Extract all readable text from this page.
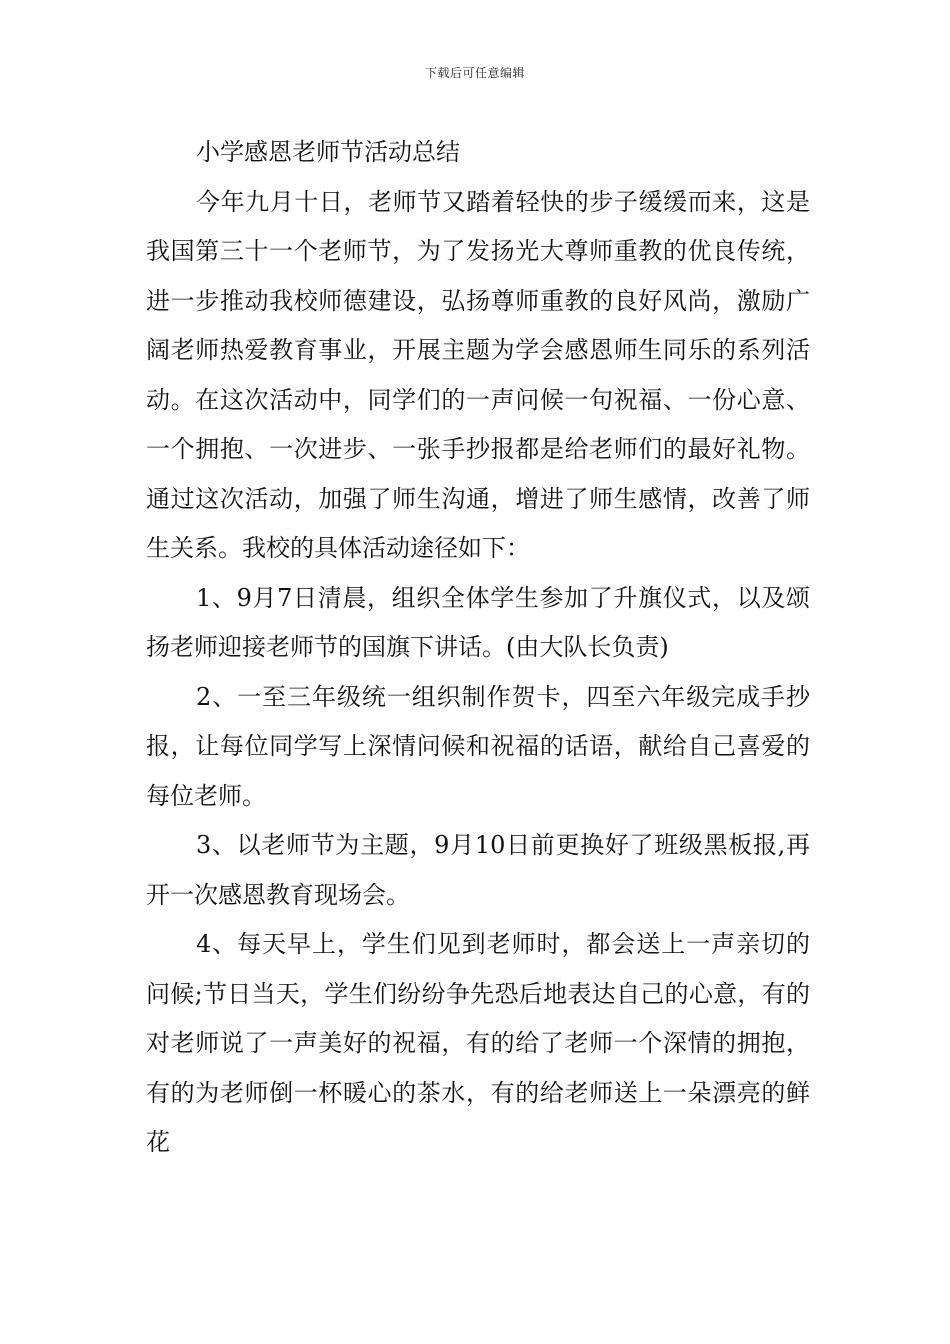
下载后可任意编辑

小学感恩老师节活动总结

今年九月十日，老师节又踏着轻快的步子缓缓而来，这是我国第三十一个老师节，为了发扬光大尊师重教的优良传统，进一步推动我校师德建设，弘扬尊师重教的良好风尚，激励广阔老师热爱教育事业，开展主题为学会感恩师生同乐的系列活动。在这次活动中，同学们的一声问候一句祝福、一份心意、一个拥抱、一次进步、一张手抄报都是给老师们的最好礼物。通过这次活动，加强了师生沟通，增进了师生感情，改善了师生关系。我校的具体活动途径如下：

1、9月7日清晨，组织全体学生参加了升旗仪式，以及颂扬老师迎接老师节的国旗下讲话。(由大队长负责)

2、一至三年级统一组织制作贺卡，四至六年级完成手抄报，让每位同学写上深情问候和祝福的话语，献给自己喜爱的每位老师。

3、以老师节为主题，9月10日前更换好了班级黑板报,再开一次感恩教育现场会。

4、每天早上，学生们见到老师时，都会送上一声亲切的问候;节日当天，学生们纷纷争先恐后地表达自己的心意，有的对老师说了一声美好的祝福，有的给了老师一个深情的拥抱，有的为老师倒一杯暖心的茶水，有的给老师送上一朵漂亮的鲜花
